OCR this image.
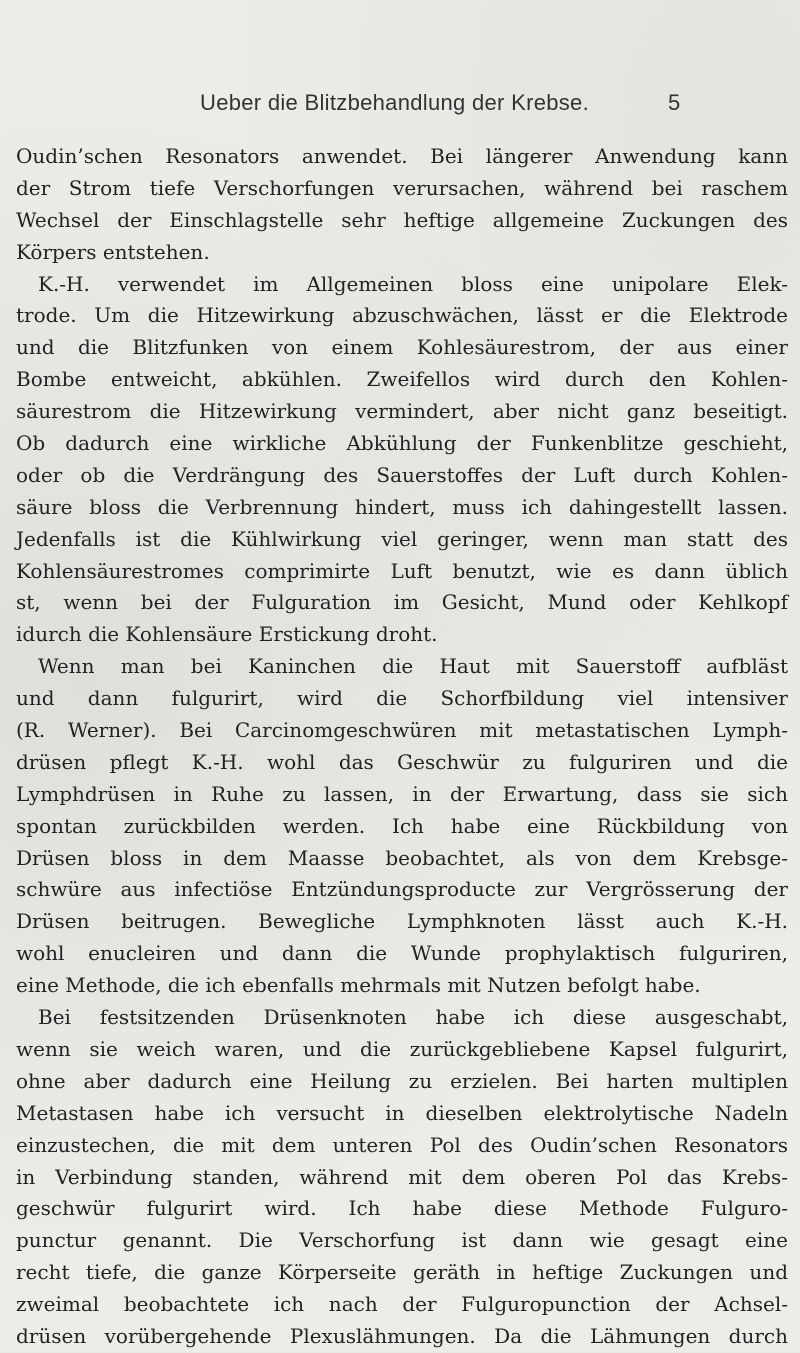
Ueber die Blitzbehandlung der Krebse.	5
Oudin’schen Resonators anwendet. Bei längerer Anwendung kann
der Strom tiefe Verschorfungen verursachen, während bei raschem
Wechsel der Einschlagstelle sehr heftige allgemeine Zuckungen des
Körpers entstehen.
K.-H. verwendet im Allgemeinen bloss eine unipolare Elek-
trode. Um die Hitzewirkung abzuschwächen, lässt er die Elektrode
und die Blitzfunken von einem Kohlesäurestrom, der aus einer
Bombe entweicht, abkühlen. Zweifellos wird durch den Kohlen-
säurestrom die Hitzewirkung vermindert, aber nicht ganz beseitigt.
Ob dadurch eine wirkliche Abkühlung der Funkenblitze geschieht,
oder ob die Verdrängung des Sauerstoffes der Luft durch Kohlen-
säure bloss die Verbrennung hindert, muss ich dahingestellt lassen.
Jedenfalls ist die Kühlwirkung viel geringer, wenn man statt des
Kohlensäurestromes comprimirte Luft benutzt, wie es dann üblich
st, wenn bei der Fulguration im Gesicht, Mund oder Kehlkopf
idurch die Kohlensäure Erstickung droht.
Wenn man bei Kaninchen die Haut mit Sauerstoff aufbläst
und dann fulgurirt, wird die Schorfbildung viel intensiver
(R. Werner). Bei Carcinomgeschwüren mit metastatischen Lymph-
drüsen pflegt K.-H. wohl das Geschwür zu fulguriren und die
Lymphdrüsen in Ruhe zu lassen, in der Erwartung, dass sie sich
spontan zurückbilden werden. Ich habe eine Rückbildung von
Drüsen bloss in dem Maasse beobachtet, als von dem Krebsge-
schwüre aus infectiöse Entzündungsproducte zur Vergrösserung der
Drüsen beitrugen. Bewegliche Lymphknoten lässt auch K.-H.
wohl enucleiren und dann die Wunde prophylaktisch fulguriren,
eine Methode, die ich ebenfalls mehrmals mit Nutzen befolgt habe.
Bei festsitzenden Drüsenknoten habe ich diese ausgeschabt,
wenn sie weich waren, und die zurückgebliebene Kapsel fulgurirt,
ohne aber dadurch eine Heilung zu erzielen. Bei harten multiplen
Metastasen habe ich versucht in dieselben elektrolytische Nadeln
einzustechen, die mit dem unteren Pol des Oudin’schen Resonators
in Verbindung standen, während mit dem oberen Pol das Krebs-
geschwür fulgurirt wird. Ich habe diese Methode Fulguro-
punctur genannt. Die Verschorfung ist dann wie gesagt eine
recht tiefe, die ganze Körperseite geräth in heftige Zuckungen und
zweimal beobachtete ich nach der Fulguropunction der Achsel-
drüsen vorübergehende Plexuslähmungen. Da die Lähmungen durch
